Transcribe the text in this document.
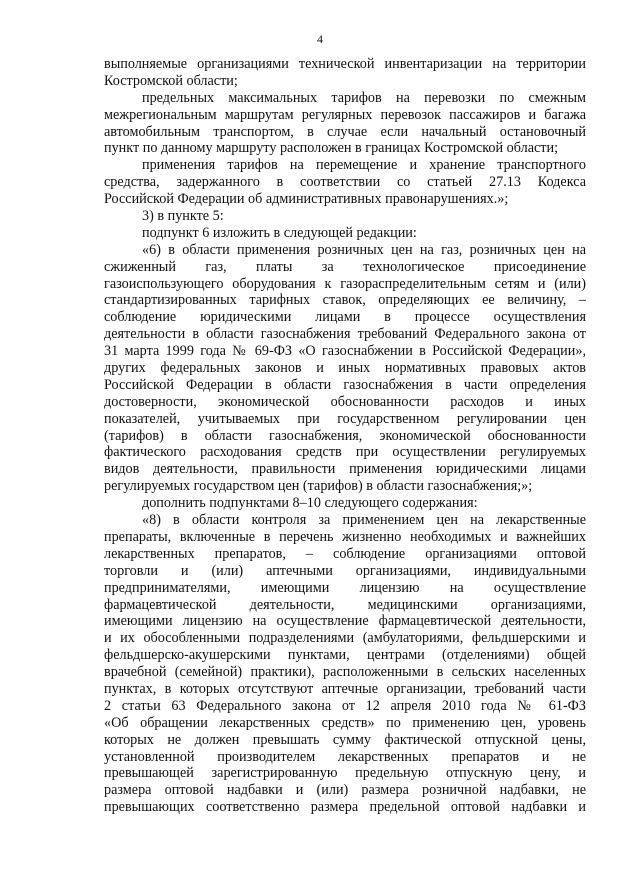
4
выполняемые организациями технической инвентаризации на территории
Костромской области;
предельных максимальных тарифов на перевозки по смежным
межрегиональным маршрутам регулярных перевозок пассажиров и багажа
автомобильным транспортом, в случае если начальный остановочный
пункт по данному маршруту расположен в границах Костромской области;
применения тарифов на перемещение и хранение транспортного
средства, задержанного в соответствии со статьей 27.13 Кодекса
Российской Федерации об административных правонарушениях.»;
3) в пункте 5:
подпункт 6 изложить в следующей редакции:
«6) в области применения розничных цен на газ, розничных цен на
сжиженный газ, платы за технологическое присоединение
газоиспользующего оборудования к газораспределительным сетям и (или)
стандартизированных тарифных ставок, определяющих ее величину, –
соблюдение юридическими лицами в процессе осуществления
деятельности в области газоснабжения требований Федерального закона от
31 марта 1999 года № 69-ФЗ «О газоснабжении в Российской Федерации»,
других федеральных законов и иных нормативных правовых актов
Российской Федерации в области газоснабжения в части определения
достоверности, экономической обоснованности расходов и иных
показателей, учитываемых при государственном регулировании цен
(тарифов) в области газоснабжения, экономической обоснованности
фактического расходования средств при осуществлении регулируемых
видов деятельности, правильности применения юридическими лицами
регулируемых государством цен (тарифов) в области газоснабжения;»;
дополнить подпунктами 8–10 следующего содержания:
«8) в области контроля за применением цен на лекарственные
препараты, включенные в перечень жизненно необходимых и важнейших
лекарственных препаратов, – соблюдение организациями оптовой
торговли и (или) аптечными организациями, индивидуальными
предпринимателями, имеющими лицензию на осуществление
фармацевтической деятельности, медицинскими организациями,
имеющими лицензию на осуществление фармацевтической деятельности,
и их обособленными подразделениями (амбулаториями, фельдшерскими и
фельдшерско-акушерскими пунктами, центрами (отделениями) общей
врачебной (семейной) практики), расположенными в сельских населенных
пунктах, в которых отсутствуют аптечные организации, требований части
2 статьи 63 Федерального закона от 12 апреля 2010 года № 61-ФЗ
«Об обращении лекарственных средств» по применению цен, уровень
которых не должен превышать сумму фактической отпускной цены,
установленной производителем лекарственных препаратов и не
превышающей зарегистрированную предельную отпускную цену, и
размера оптовой надбавки и (или) размера розничной надбавки, не
превышающих соответственно размера предельной оптовой надбавки и
